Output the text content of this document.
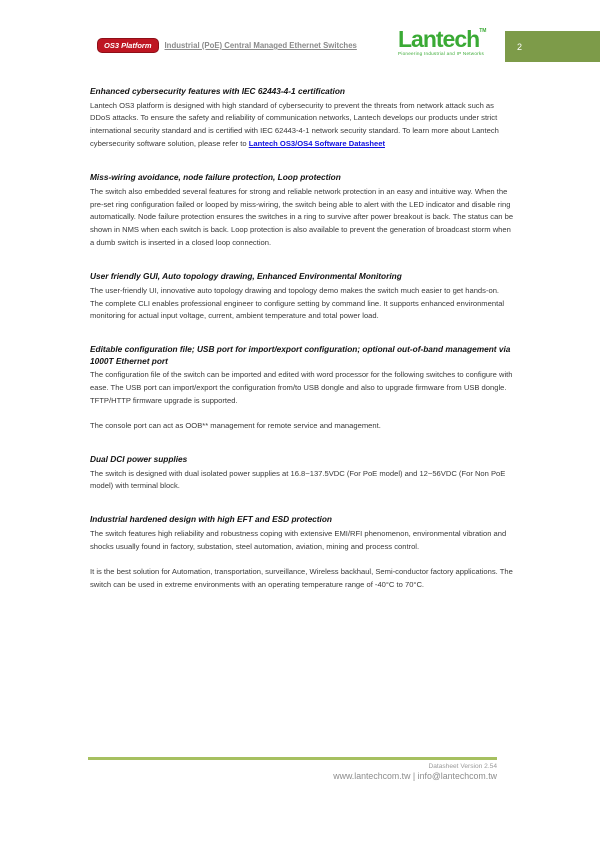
OS3 Platform	Industrial (PoE) Central Managed Ethernet Switches Lantech™
Pioneering Industrial and IP Networks
2
Enhanced cybersecurity features with IEC 62443-4-1 certification

Lantech OS3 platform is designed with high standard of cybersecurity to prevent the threats from network attack such as DDoS attacks. To ensure the safety and reliability of communication networks, Lantech develops our products under strict international security standard and is certified with IEC 62443-4-1 network security standard. To learn more about Lantech cybersecurity software solution, please refer to Lantech OS3/OS4 Software Datasheet

Miss-wiring avoidance, node failure protection, Loop protection

The switch also embedded several features for strong and reliable network protection in an easy and intuitive way. When the pre-set ring configuration failed or looped by miss-wiring, the switch being able to alert with the LED indicator and disable ring automatically. Node failure protection ensures the switches in a ring to survive after power breakout is back. The status can be shown in NMS when each switch is back. Loop protection is also available to prevent the generation of broadcast storm when a dumb switch is inserted in a closed loop connection.

User friendly GUI, Auto topology drawing, Enhanced Environmental Monitoring

The user-friendly UI, innovative auto topology drawing and topology demo makes the switch much easier to get hands-on. The complete CLI enables professional engineer to configure setting by command line. It supports enhanced environmental monitoring for actual input voltage, current, ambient temperature and total power load.

Editable configuration file; USB port for import/export configuration; optional out-of-band management via 1000T Ethernet port

The configuration file of the switch can be imported and edited with word processor for the following switches to configure with ease. The USB port can import/export the configuration from/to USB dongle and also to upgrade firmware from USB dongle. TFTP/HTTP firmware upgrade is supported.

The console port can act as OOB** management for remote service and management.

Dual DCI power supplies

The switch is designed with dual isolated power supplies at 16.8~137.5VDC (For PoE model) and 12~56VDC (For Non PoE model) with terminal block.

Industrial hardened design with high EFT and ESD protection

The switch features high reliability and robustness coping with extensive EMI/RFI phenomenon, environmental vibration and shocks usually found in factory, substation, steel automation, aviation, mining and process control.

It is the best solution for Automation, transportation, surveillance, Wireless backhaul, Semi-conductor factory applications. The switch can be used in extreme environments with an operating temperature range of -40°C to 70°C.

Datasheet Version 2.54
www.lantechcom.tw | info@lantechcom.tw
